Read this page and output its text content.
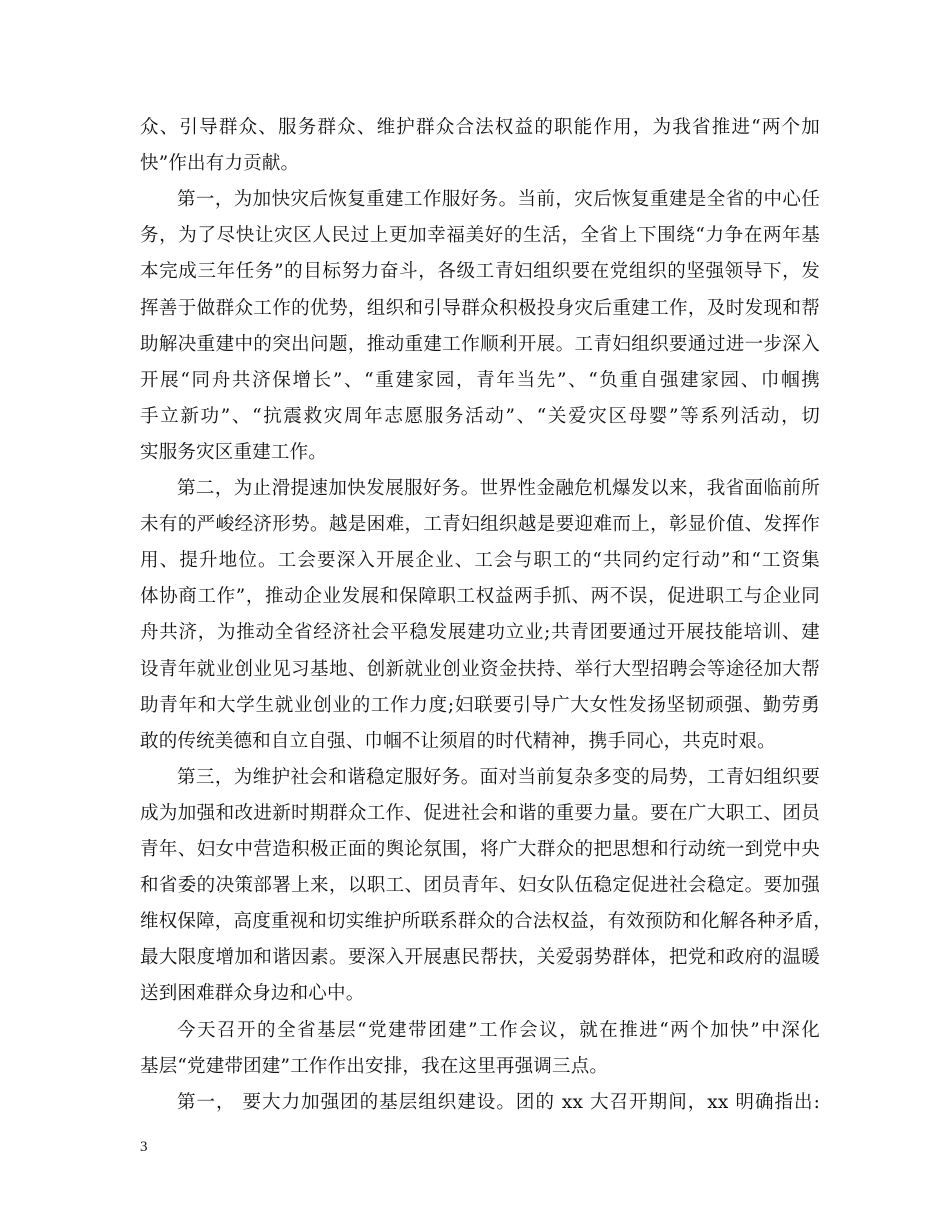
众、引导群众、服务群众、维护群众合法权益的职能作用，为我省推进“两个加
快”作出有力贡献。
第一，为加快灾后恢复重建工作服好务。当前，灾后恢复重建是全省的中心任
务，为了尽快让灾区人民过上更加幸福美好的生活，全省上下围绕“力争在两年基
本完成三年任务”的目标努力奋斗，各级工青妇组织要在党组织的坚强领导下，发
挥善于做群众工作的优势，组织和引导群众积极投身灾后重建工作，及时发现和帮
助解决重建中的突出问题，推动重建工作顺利开展。工青妇组织要通过进一步深入
开展“同舟共济保增长”、“重建家园，青年当先”、“负重自强建家园、巾帼携
手立新功”、“抗震救灾周年志愿服务活动”、“关爱灾区母婴”等系列活动，切
实服务灾区重建工作。
第二，为止滑提速加快发展服好务。世界性金融危机爆发以来，我省面临前所
未有的严峻经济形势。越是困难，工青妇组织越是要迎难而上，彰显价值、发挥作
用、提升地位。工会要深入开展企业、工会与职工的“共同约定行动”和“工资集
体协商工作”，推动企业发展和保障职工权益两手抓、两不误，促进职工与企业同
舟共济，为推动全省经济社会平稳发展建功立业;共青团要通过开展技能培训、建
设青年就业创业见习基地、创新就业创业资金扶持、举行大型招聘会等途径加大帮
助青年和大学生就业创业的工作力度;妇联要引导广大女性发扬坚韧顽强、勤劳勇
敢的传统美德和自立自强、巾帼不让须眉的时代精神，携手同心，共克时艰。
第三，为维护社会和谐稳定服好务。面对当前复杂多变的局势，工青妇组织要
成为加强和改进新时期群众工作、促进社会和谐的重要力量。要在广大职工、团员
青年、妇女中营造积极正面的舆论氛围，将广大群众的把思想和行动统一到党中央
和省委的决策部署上来，以职工、团员青年、妇女队伍稳定促进社会稳定。要加强
维权保障，高度重视和切实维护所联系群众的合法权益，有效预防和化解各种矛盾，
最大限度增加和谐因素。要深入开展惠民帮扶，关爱弱势群体，把党和政府的温暖
送到困难群众身边和心中。
今天召开的全省基层“党建带团建”工作会议，就在推进“两个加快”中深化
基层“党建带团建”工作作出安排，我在这里再强调三点。
第一， 要大力加强团的基层组织建设。团的 xx 大召开期间，xx 明确指出:
3
